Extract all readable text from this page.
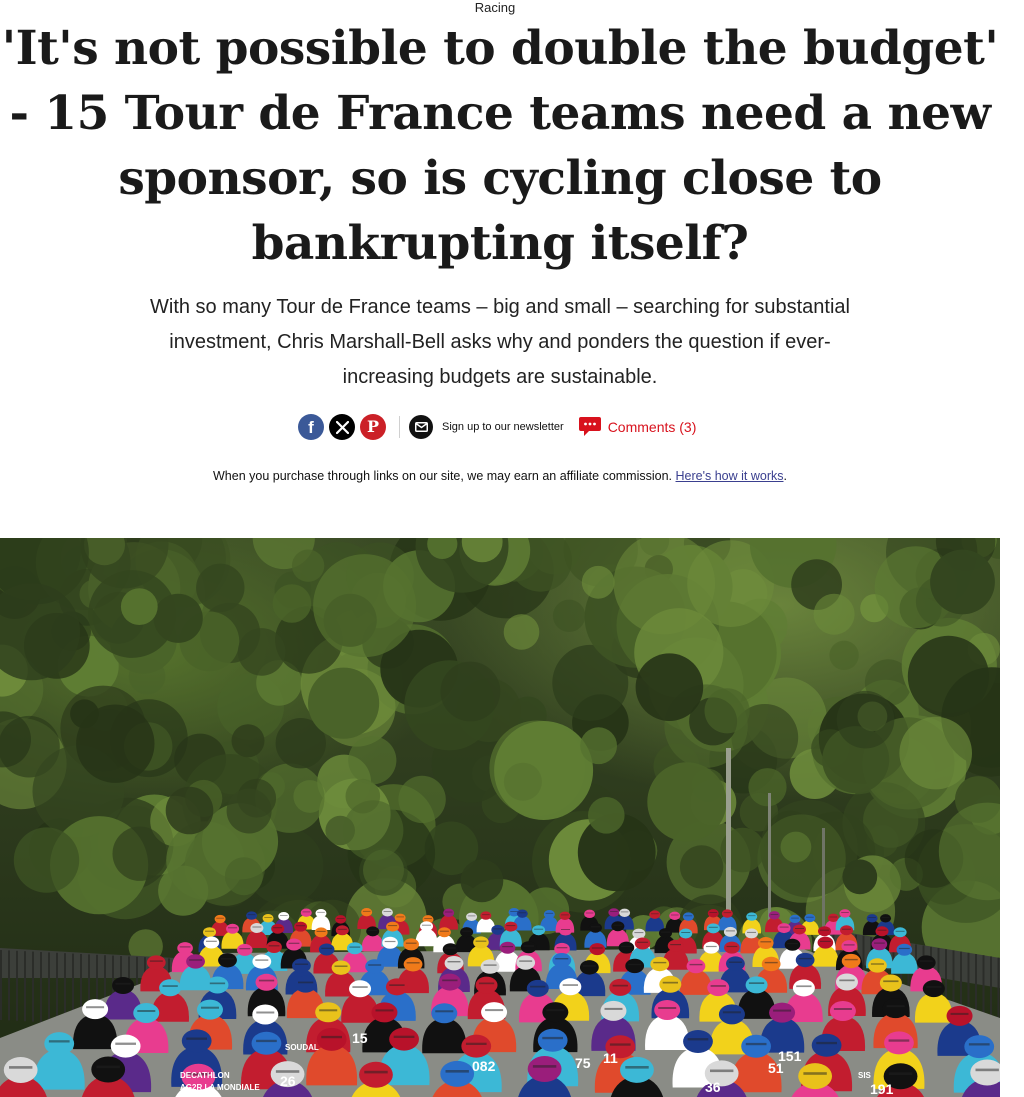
Racing
'It's not possible to double the budget' - 15 Tour de France teams need a new sponsor, so is cycling close to bankrupting itself?

With so many Tour de France teams – big and small – searching for substantial investment, Chris Marshall-Bell asks why and ponders the question if ever-increasing budgets are sustainable.

f	P	Sign up to our newsletter	Comments (3)
When you purchase through links on our site, we may earn an affiliate commission. Here's how it works.
15
26
082	75 11	151
51
36	191
DECATHLON
AG2R LA MONDIALE
SOUDAL
SIS
